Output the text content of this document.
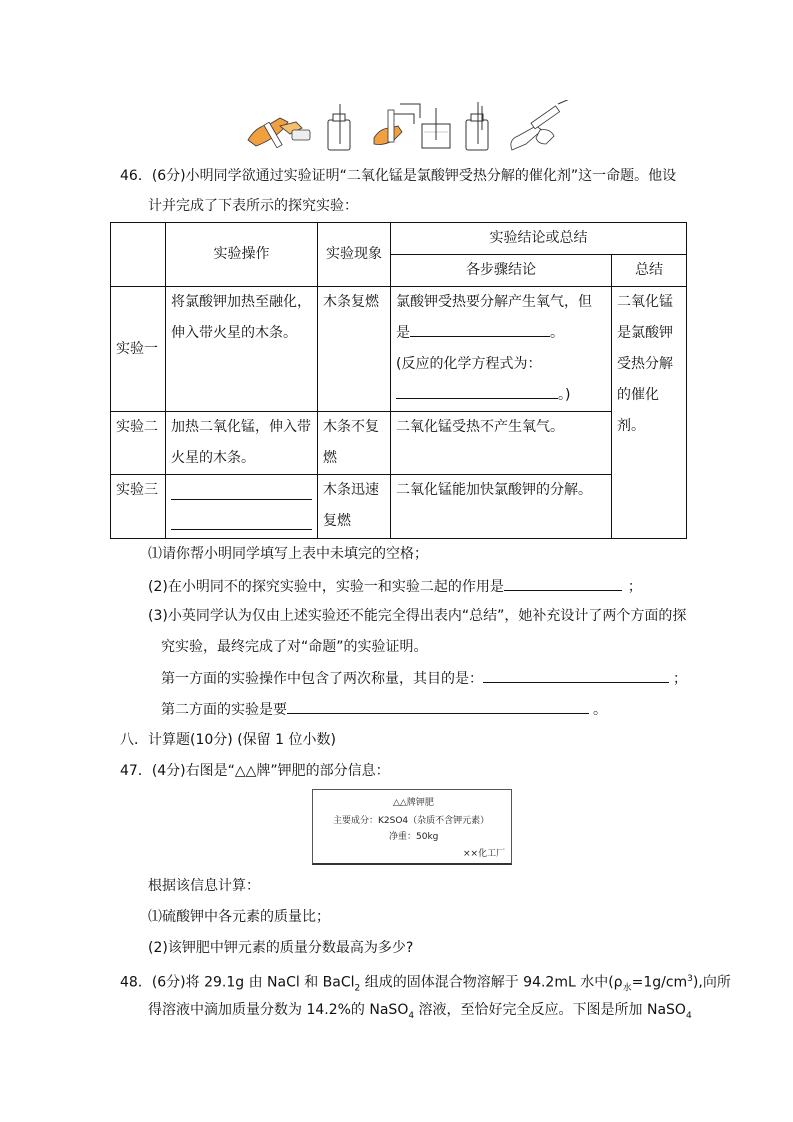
46．(6分)小明同学欲通过实验证明“二氧化锰是氯酸钾受热分解的催化剂”这一命题。他设
计并完成了下表所示的探究实验：
	实验操作	实验现象	实验结论或总结	
			各步骤结论	总结
实验一	将氯酸钾加热至融化，伸入带火星的木条。	木条复燃	氯酸钾受热要分解产生氧气，但
是 。
(反应的化学方程式为：
。)	二氧化锰是氯酸钾受热分解的催化剂。
实验二	加热二氧化锰，伸入带火星的木条。	木条不复燃	二氧化锰受热不产生氧气。	
实验三		木条迅速复燃	二氧化锰能加快氯酸钾的分解。	
⑴请你帮小明同学填写上表中未填完的空格；
(2)在小明同不的探究实验中，实验一和实验二起的作用是	；
(3)小英同学认为仅由上述实验还不能完全得出表内“总结”，她补充设计了两个方面的探
究实验，最终完成了对“命题”的实验证明。
第一方面的实验操作中包含了两次称量，其目的是：	；
第二方面的实验是要	。
八．计算题(10分) (保留 1 位小数)
47．(4分)右图是“△△牌”钾肥的部分信息：
△△牌钾肥
主要成分：K2SO4（杂质不含钾元素）
净重：50kg
××化工厂
根据该信息计算：
⑴硫酸钾中各元素的质量比；
(2)该钾肥中钾元素的质量分数最高为多少?
48．(6分)将 29.1g 由 NaCl 和 BaCl$_2$ 组成的固体混合物溶解于 94.2mL 水中$(\rho_水=1g/cm^3)$,向所
得溶液中滴加质量分数为 14.2%的 NaSO$_4$ 溶液，至恰好完全反应。下图是所加 NaSO$_4$
